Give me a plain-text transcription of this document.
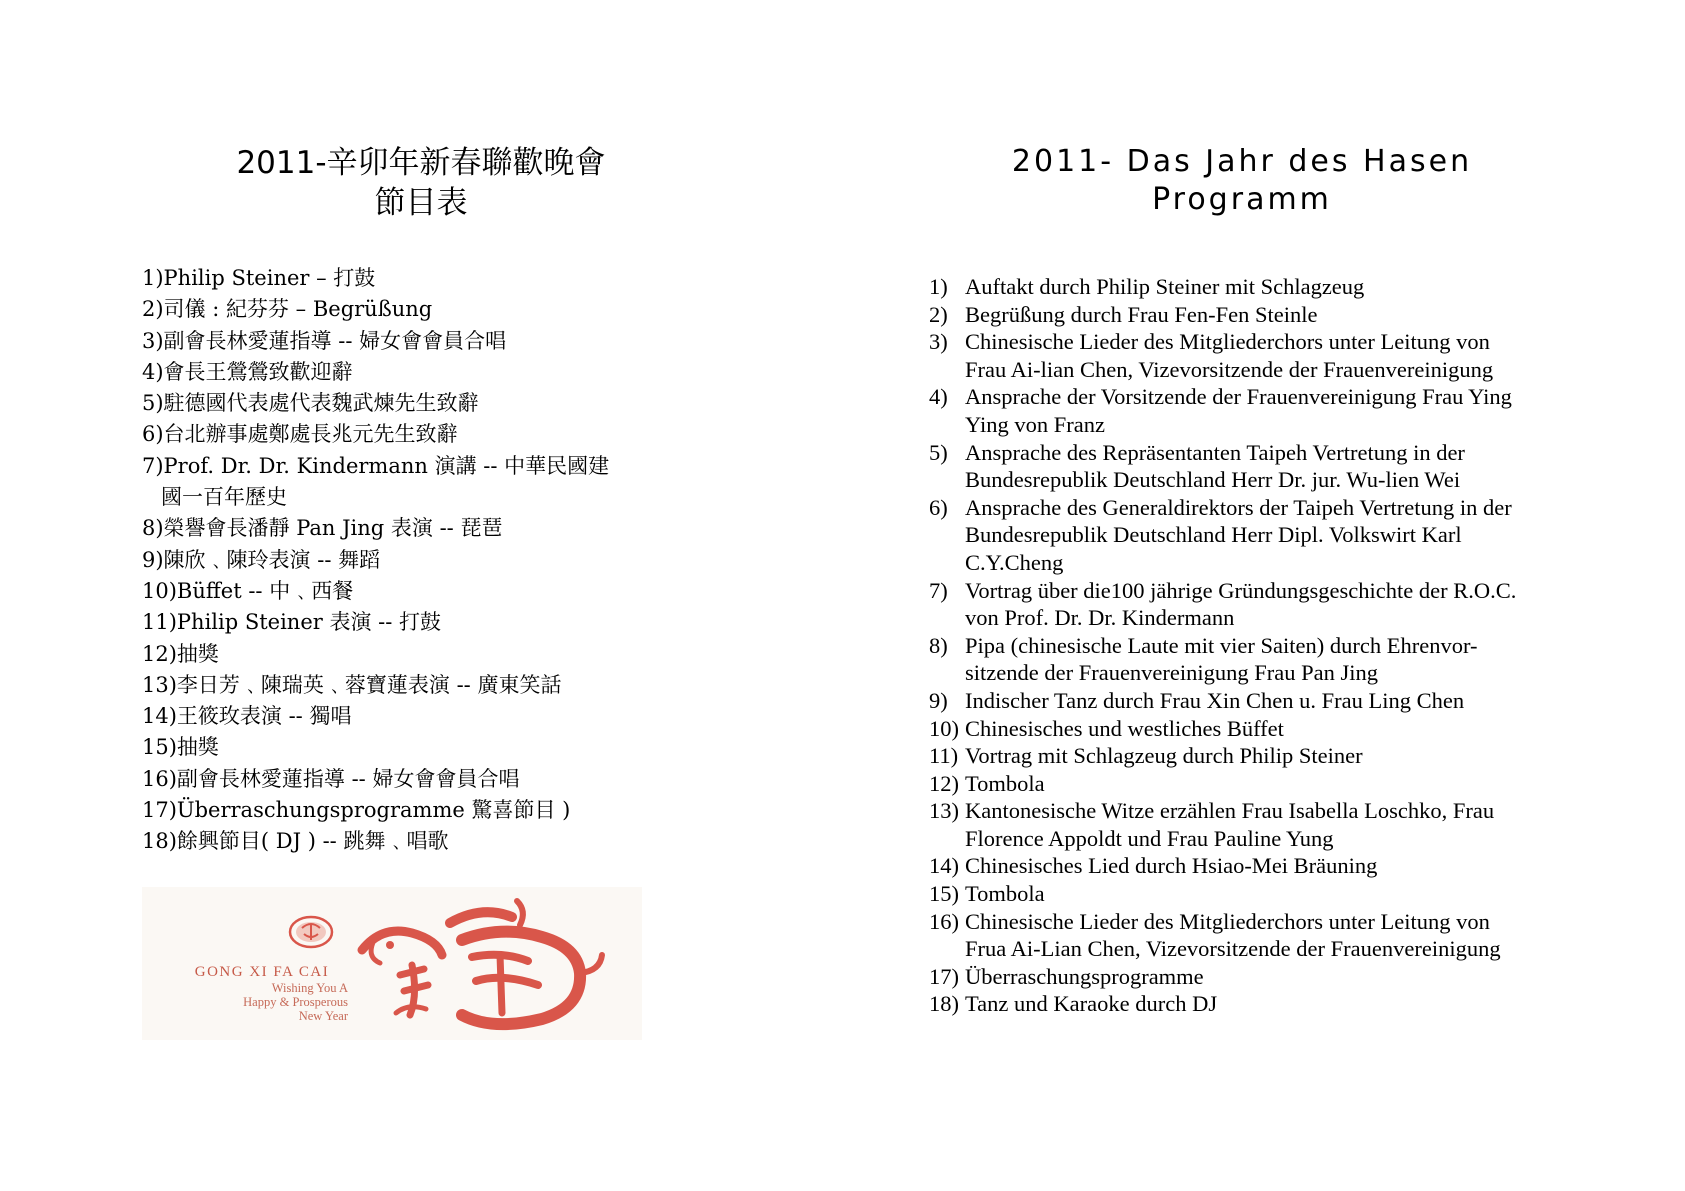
2011-辛卯年新春聯歡晚會
節目表
1)Philip Steiner – 打鼓
2)司儀 : 紀芬芬 – Begrüßung
3)副會長林愛蓮指導 -- 婦女會會員合唱
4)會長王鶯鶯致歡迎辭
5)駐德國代表處代表魏武煉先生致辭
6)台北辦事處鄭處長兆元先生致辭
7)Prof. Dr. Dr. Kindermann 演講 -- 中華民國建
國一百年歷史
8)榮譽會長潘靜 Pan Jing 表演 -- 琵琶
9)陳欣﹑陳玲表演 -- 舞蹈
10)Büffet -- 中﹑西餐
11)Philip Steiner 表演 -- 打鼓
12)抽獎
13)李日芳﹑陳瑞英﹑蓉寶蓮表演 -- 廣東笑話
14)王筱玫表演 -- 獨唱
15)抽獎
16)副會長林愛蓮指導 -- 婦女會會員合唱
17)Überraschungsprogramme 驚喜節目 )
18)餘興節目( DJ ) -- 跳舞﹑唱歌
GONG XI FA CAI
Wishing You A
Happy & Prosperous
New Year
2011- Das Jahr des Hasen
Programm
1) Auftakt durch Philip Steiner mit Schlagzeug
2) Begrüßung durch Frau Fen-Fen Steinle
3) Chinesische Lieder des Mitgliederchors unter Leitung von
Frau Ai-lian Chen, Vizevorsitzende der Frauenvereinigung
4) Ansprache der Vorsitzende der Frauenvereinigung Frau Ying
Ying von Franz
5) Ansprache des Repräsentanten Taipeh Vertretung in der
Bundesrepublik Deutschland Herr Dr. jur. Wu-lien Wei
6) Ansprache des Generaldirektors der Taipeh Vertretung in der
Bundesrepublik Deutschland Herr Dipl. Volkswirt Karl
C.Y.Cheng
7) Vortrag über die100 jährige Gründungsgeschichte der R.O.C.
von Prof. Dr. Dr. Kindermann
8) Pipa (chinesische Laute mit vier Saiten) durch Ehrenvor-
sitzende der Frauenvereinigung Frau Pan Jing
9) Indischer Tanz durch Frau Xin Chen u. Frau Ling Chen
10) Chinesisches und westliches Büffet
11) Vortrag mit Schlagzeug durch Philip Steiner
12) Tombola
13) Kantonesische Witze erzählen Frau Isabella Loschko, Frau
Florence Appoldt und Frau Pauline Yung
14) Chinesisches Lied durch Hsiao-Mei Bräuning
15) Tombola
16) Chinesische Lieder des Mitgliederchors unter Leitung von
Frua Ai-Lian Chen, Vizevorsitzende der Frauenvereinigung
17) Überraschungsprogramme
18) Tanz und Karaoke durch DJ
